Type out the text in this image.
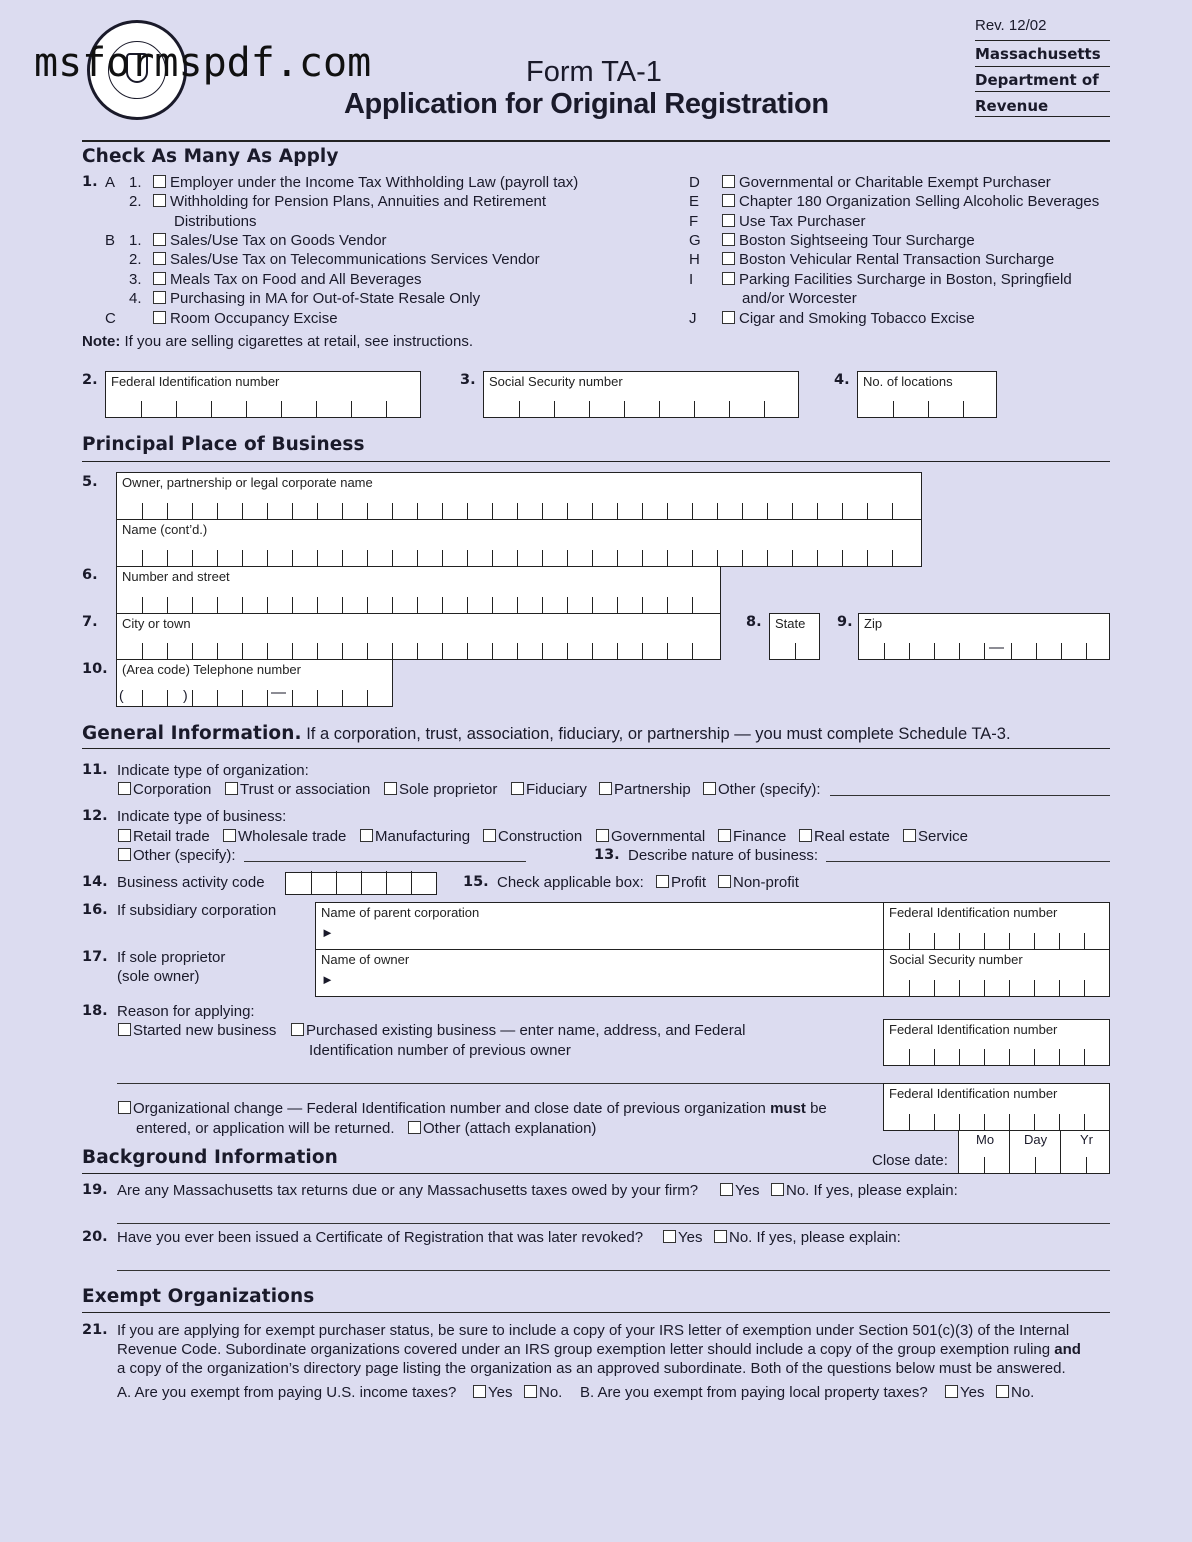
msformspdf.com	Form TA-1
Application for Original Registration
Rev. 12/02
Massachusetts
Department of
Revenue
Check As Many As Apply
1. A 1.	Employer under the Income Tax Withholding Law (payroll tax)
2.	Withholding for Pension Plans, Annuities and Retirement
Distributions
B 1.	Sales/Use Tax on Goods Vendor
2.	Sales/Use Tax on Telecommunications Services Vendor
3.	Meals Tax on Food and All Beverages
4.	Purchasing in MA for Out-of-State Resale Only
C	Room Occupancy Excise
D	Governmental or Charitable Exempt Purchaser
E	Chapter 180 Organization Selling Alcoholic Beverages
F	Use Tax Purchaser
G	Boston Sightseeing Tour Surcharge
H	Boston Vehicular Rental Transaction Surcharge
I	Parking Facilities Surcharge in Boston, Springfield
and/or Worcester
J	Cigar and Smoking Tobacco Excise
Note: If you are selling cigarettes at retail, see instructions.
2. Federal Identification number	3. Social Security number	4. No. of locations
Principal Place of Business
5. Owner, partnership or legal corporate name
Name (cont’d.)
6. Number and street
7. City or town	8. State 9. Zip
—
10. (Area code) Telephone number
(	)	—
General Information. If a corporation, trust, association, fiduciary, or partnership — you must complete Schedule TA-3.
11. Indicate type of organization:
Corporation	Trust or association	Sole proprietor	Fiduciary	Partnership	Other (specify):
12. Indicate type of business:
Retail trade	Wholesale trade	Manufacturing	Construction	Governmental	Finance	Real estate	Service
Other (specify):	13. Describe nature of business:
14. Business activity code	15. Check applicable box:	Profit	Non-profit
16. If subsidiary corporation	Name of parent corporation
►
Federal Identification number
17. If sole proprietor
(sole owner)
Name of owner
►
Social Security number
18. Reason for applying:
Started new business	Purchased existing business — enter name, address, and Federal
Identification number of previous owner
Federal Identification number
Federal Identification number
Organizational change — Federal Identification number and close date of previous organization must be
entered, or application will be returned.	Other (attach explanation)
Mo Day	Yr
Close date:
Background Information
19. Are any Massachusetts tax returns due or any Massachusetts taxes owed by your firm?	Yes	No. If yes, please explain:
20. Have you ever been issued a Certificate of Registration that was later revoked?	Yes	No. If yes, please explain:
Exempt Organizations
21. If you are applying for exempt purchaser status, be sure to include a copy of your IRS letter of exemption under Section 501(c)(3) of the Internal
Revenue Code. Subordinate organizations covered under an IRS group exemption letter should include a copy of the group exemption ruling and
a copy of the organization’s directory page listing the organization as an approved subordinate. Both of the questions below must be answered.
A. Are you exempt from paying U.S. income taxes?	Yes	No. B. Are you exempt from paying local property taxes?	Yes	No.
